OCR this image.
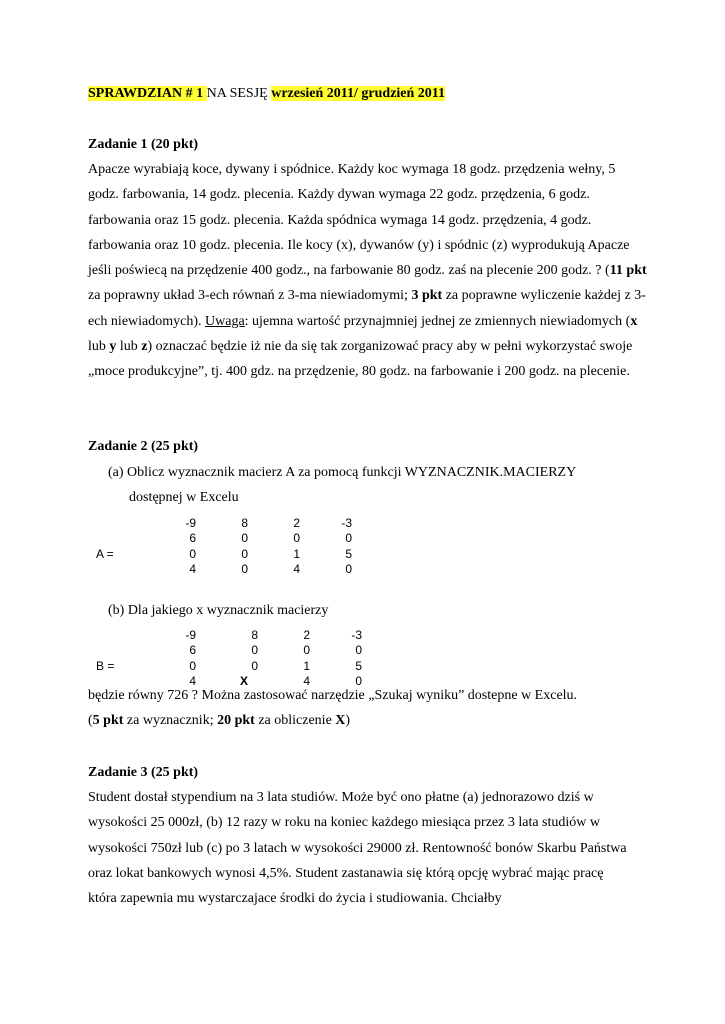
SPRAWDZIAN # 1 NA SESJĘ wrzesień 2011/ grudzień 2011
Zadanie 1 (20 pkt)

Apacze wyrabiają koce, dywany i spódnice. Każdy koc wymaga 18 godz. przędzenia wełny, 5 godz. farbowania, 14 godz. plecenia. Każdy dywan wymaga 22 godz. przędzenia, 6 godz. farbowania oraz 15 godz. plecenia. Każda spódnica wymaga 14 godz. przędzenia, 4 godz. farbowania oraz 10 godz. plecenia. Ile kocy (x), dywanów (y) i spódnic (z) wyprodukują Apacze jeśli poświecą na przędzenie 400 godz., na farbowanie 80 godz. zaś na plecenie 200 godz. ? (11 pkt za poprawny układ 3-ech równań z 3-ma niewiadomymi; 3 pkt za poprawne wyliczenie każdej z 3-ech niewiadomych). Uwaga: ujemna wartość przynajmniej jednej ze zmiennych niewiadomych (x lub y lub z) oznaczać będzie iż nie da się tak zorganizować pracy aby w pełni wykorzystać swoje „moce produkcyjne”, tj. 400 gdz. na przędzenie, 80 godz. na farbowanie i 200 godz. na plecenie.

Zadanie 2 (25 pkt)
(a) Oblicz wyznacznik macierz A za pomocą funkcji WYZNACZNIK.MACIERZY
dostępnej w Excelu
	-9	8	2	-3
	6	0	0	0
A =	0	0	1	5
	4	0	4	0
(b) Dla jakiego x wyznacznik macierzy
	-9	8	2	-3
	6	0	0	0
B =	0	0	1	5
	4	X	4	0
będzie równy 726 ? Można zastosować narzędzie „Szukaj wyniku” dostepne w Excelu.
(5 pkt za wyznacznik; 20 pkt za obliczenie X)
Zadanie 3 (25 pkt)

Student dostał stypendium na 3 lata studiów. Może być ono płatne (a) jednorazowo dziś w wysokości 25 000zł, (b) 12 razy w roku na koniec każdego miesiąca przez 3 lata studiów w wysokości 750zł lub (c) po 3 latach w wysokości 29000 zł. Rentowność bonów Skarbu Państwa oraz lokat bankowych wynosi 4,5%. Student zastanawia się którą opcję wybrać mając pracę która zapewnia mu wystarczajace środki do życia i studiowania. Chciałby
